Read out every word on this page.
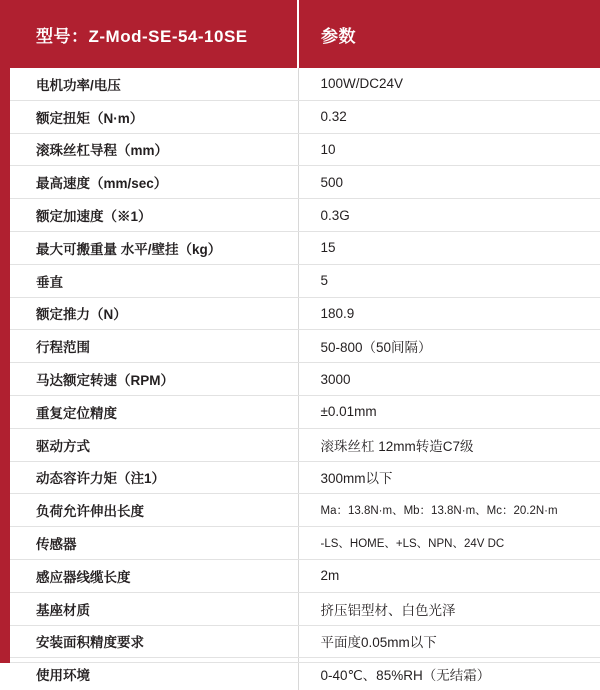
型号：Z-Mod-SE-54-10SE	参数
电机功率/电压	100W/DC24V
额定扭矩（N·m）	0.32
滚珠丝杠导程（mm）	10
最高速度（mm/sec）	500
额定加速度（※1）	0.3G
最大可搬重量 水平/壁挂（kg）	15
垂直	5
额定推力（N）	180.9
行程范围	50-800（50间隔）
马达额定转速（RPM）	3000
重复定位精度	±0.01mm
驱动方式	滚珠丝杠 12mm转造C7级
动态容许力矩（注1）	300mm以下
负荷允许伸出长度	Ma：13.8N·m、Mb：13.8N·m、Mc：20.2N·m
传感器	-LS、HOME、+LS、NPN、24V DC
感应器线缆长度	2m
基座材质	挤压铝型材、白色光泽
安装面积精度要求	平面度0.05mm以下
使用环境	0-40℃、85%RH（无结霜）
